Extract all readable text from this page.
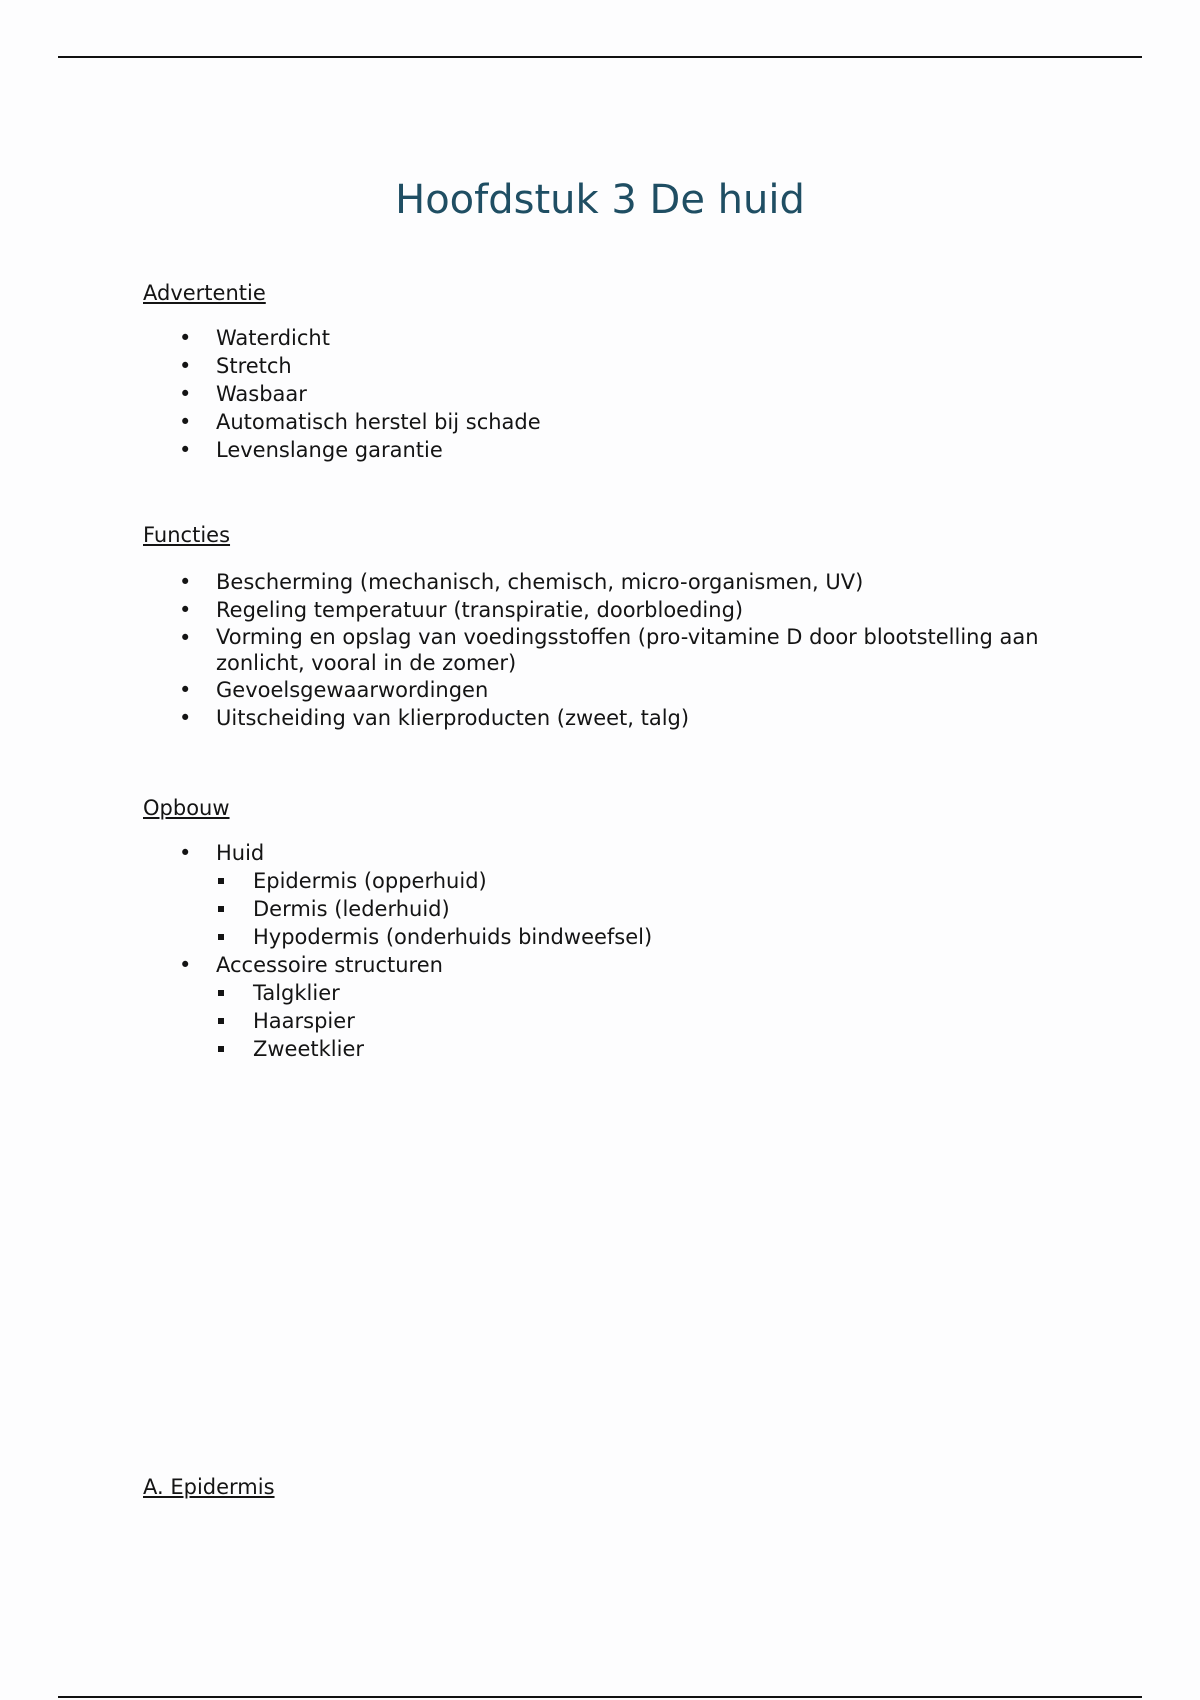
Hoofdstuk 3 De huid
Advertentie
• Waterdicht
• Stretch
• Wasbaar
• Automatisch herstel bij schade
• Levenslange garantie
Functies
• Bescherming (mechanisch, chemisch, micro-organismen, UV)
• Regeling temperatuur (transpiratie, doorbloeding)
• Vorming en opslag van voedingsstoffen (pro-vitamine D door blootstelling aan zonlicht, vooral in de zomer)
• Gevoelsgewaarwordingen
• Uitscheiding van klierproducten (zweet, talg)
Opbouw
• Huid
Epidermis (opperhuid)
Dermis (lederhuid)
Hypodermis (onderhuids bindweefsel)
• Accessoire structuren
Talgklier
Haarspier
Zweetklier
A. Epidermis
